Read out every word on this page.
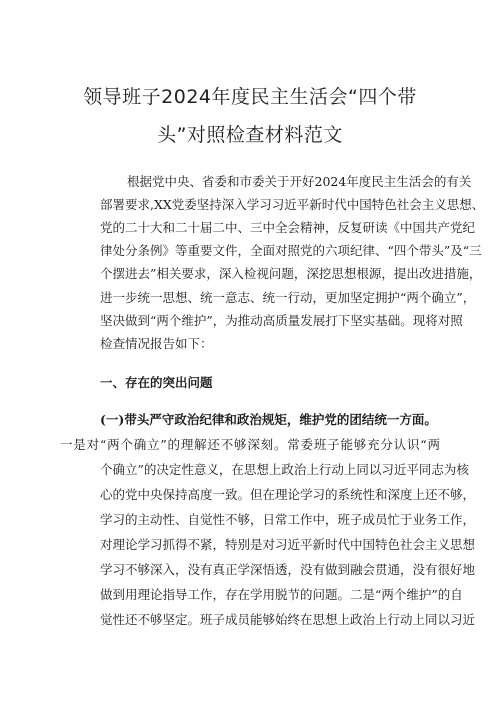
领导班子2024年度民主生活会“四个带
头”对照检查材料范文
根据党中央、省委和市委关于开好2024年度民主生活会的有关
部署要求,XX党委坚持深入学习习近平新时代中国特色社会主义思想、
党的二十大和二十届二中、三中全会精神，反复研读《中国共产党纪
律处分条例》等重要文件，全面对照党的六项纪律、“四个带头”及“三
个摆进去”相关要求，深入检视问题，深挖思想根源，提出改进措施，
进一步统一思想、统一意志、统一行动，更加坚定拥护“两个确立”，
坚决做到“两个维护”，为推动高质量发展打下坚实基础。现将对照
检查情况报告如下：
一、存在的突出问题
(一)带头严守政治纪律和政治规矩，维护党的团结统一方面。
一是对“两个确立”的理解还不够深刻。常委班子能够充分认识“两
个确立”的决定性意义，在思想上政治上行动上同以习近平同志为核
心的党中央保持高度一致。但在理论学习的系统性和深度上还不够，
学习的主动性、自觉性不够，日常工作中，班子成员忙于业务工作，
对理论学习抓得不紧，特别是对习近平新时代中国特色社会主义思想
学习不够深入，没有真正学深悟透，没有做到融会贯通，没有很好地
做到用理论指导工作，存在学用脱节的问题。二是“两个维护”的自
觉性还不够坚定。班子成员能够始终在思想上政治上行动上同以习近
